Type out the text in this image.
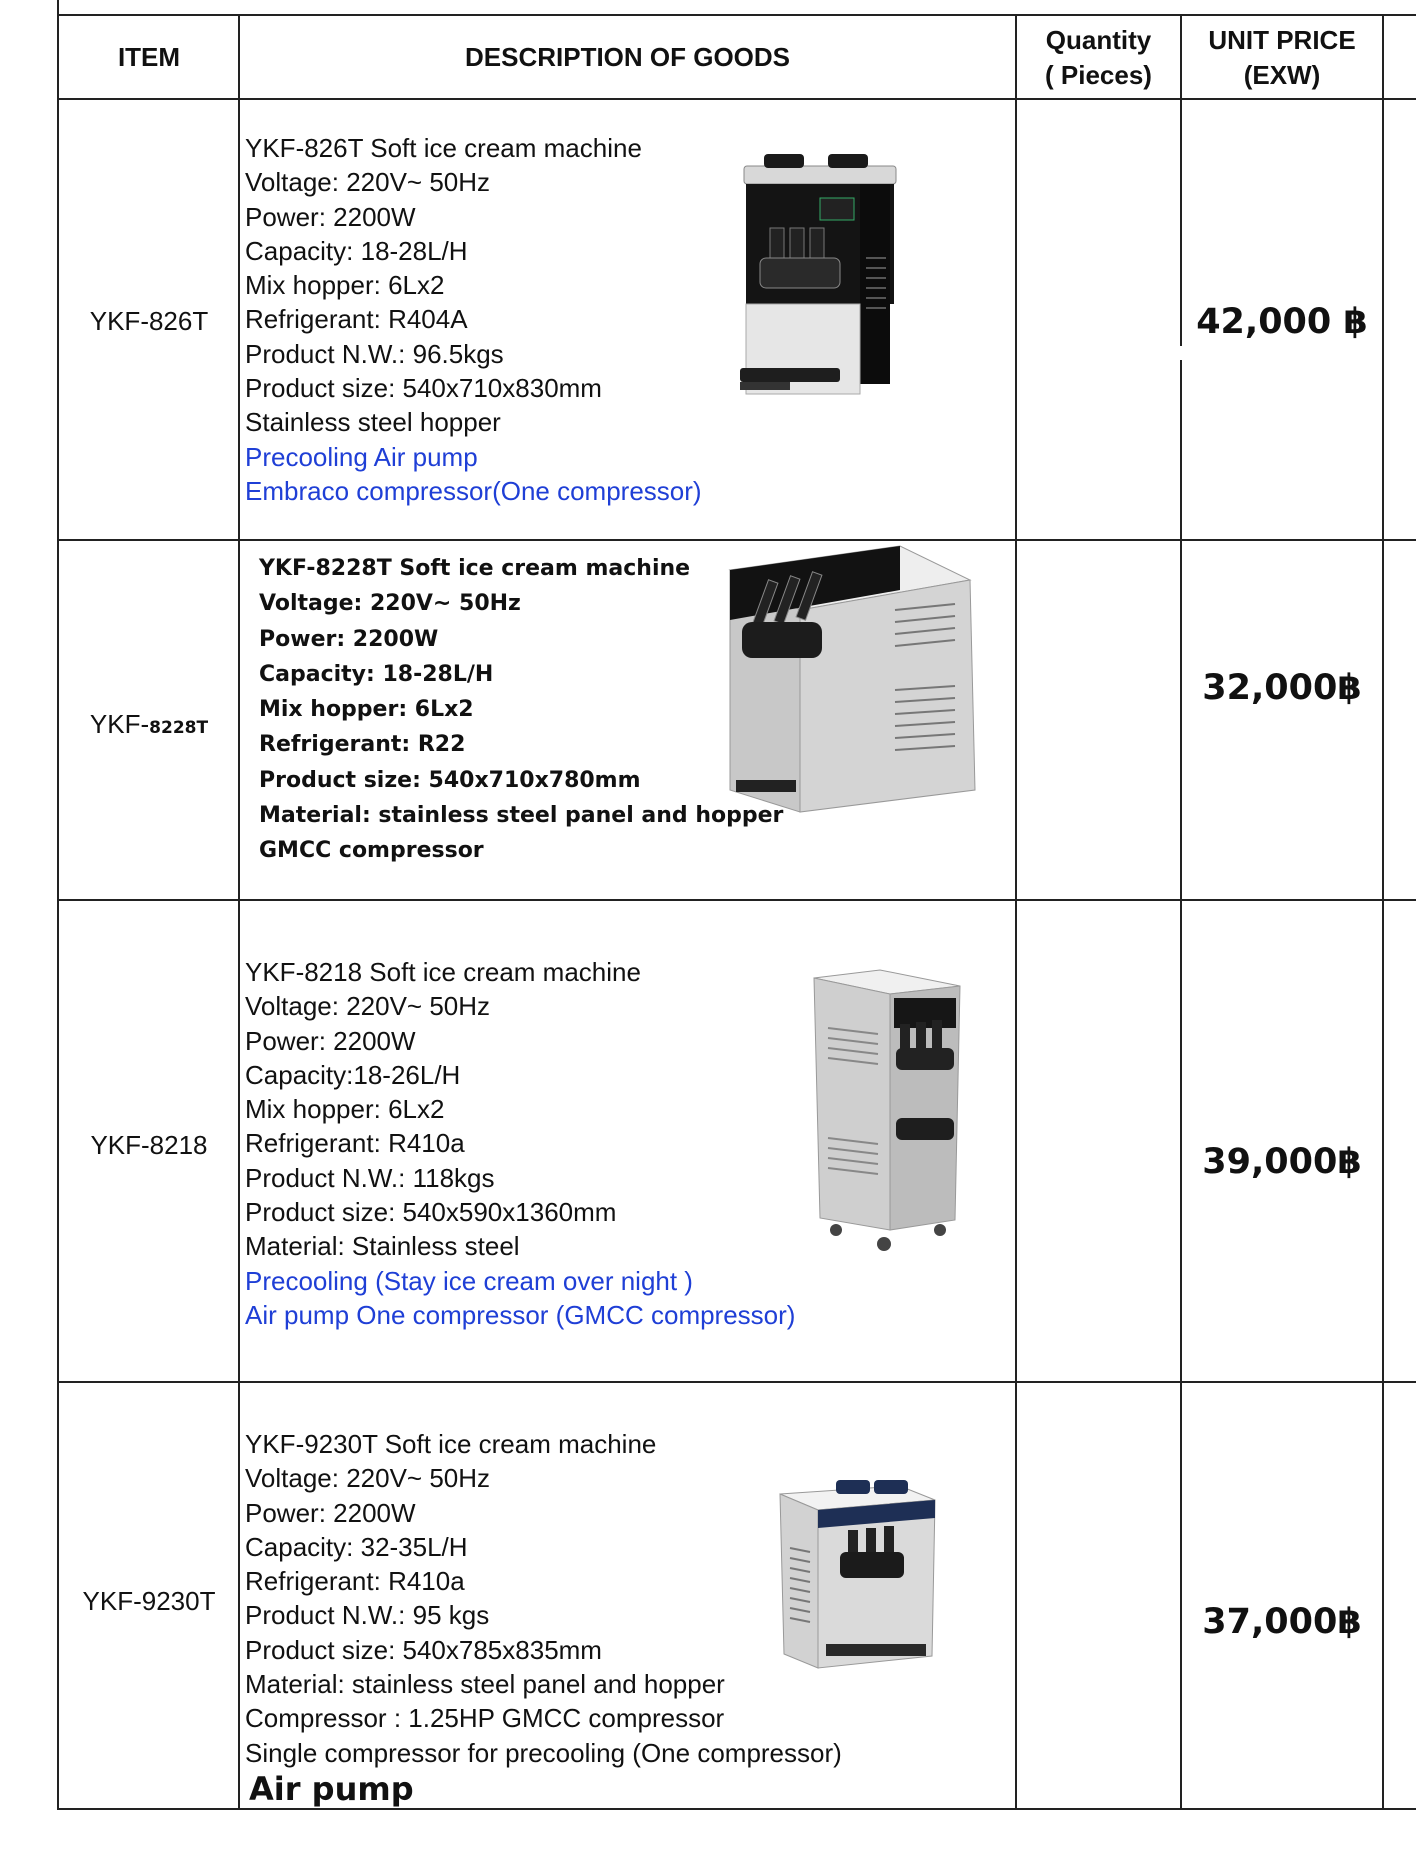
ITEM	DESCRIPTION OF GOODS
Quantity
( Pieces)
UNIT PRICE
(EXW)
YKF-826T
YKF-826T Soft ice cream machine
Voltage: 220V~ 50Hz
Power: 2200W
Capacity: 18-28L/H
Mix hopper: 6Lx2
Refrigerant: R404A
Product N.W.: 96.5kgs
Product size: 540x710x830mm
Stainless steel hopper
Precooling Air pump
Embraco compressor(One compressor)
42,000 ฿
YKF-8228T
YKF-8228T Soft ice cream machine
Voltage: 220V~ 50Hz
Power: 2200W
Capacity: 18-28L/H
Mix hopper: 6Lx2
Refrigerant: R22
Product size: 540x710x780mm
Material: stainless steel panel and hopper
GMCC compressor
32,000฿
YKF-8218
YKF-8218 Soft ice cream machine
Voltage: 220V~ 50Hz
Power: 2200W
Capacity:18-26L/H
Mix hopper: 6Lx2
Refrigerant: R410a
Product N.W.: 118kgs
Product size: 540x590x1360mm
Material: Stainless steel
Precooling (Stay ice cream over night )
Air pump One compressor (GMCC compressor)
39,000฿
YKF-9230T
YKF-9230T Soft ice cream machine
Voltage: 220V~ 50Hz
Power: 2200W
Capacity: 32-35L/H
Refrigerant: R410a
Product N.W.: 95 kgs
Product size: 540x785x835mm
Material: stainless steel panel and hopper
Compressor : 1.25HP GMCC compressor
Single compressor for precooling (One compressor)
Air pump
37,000฿
